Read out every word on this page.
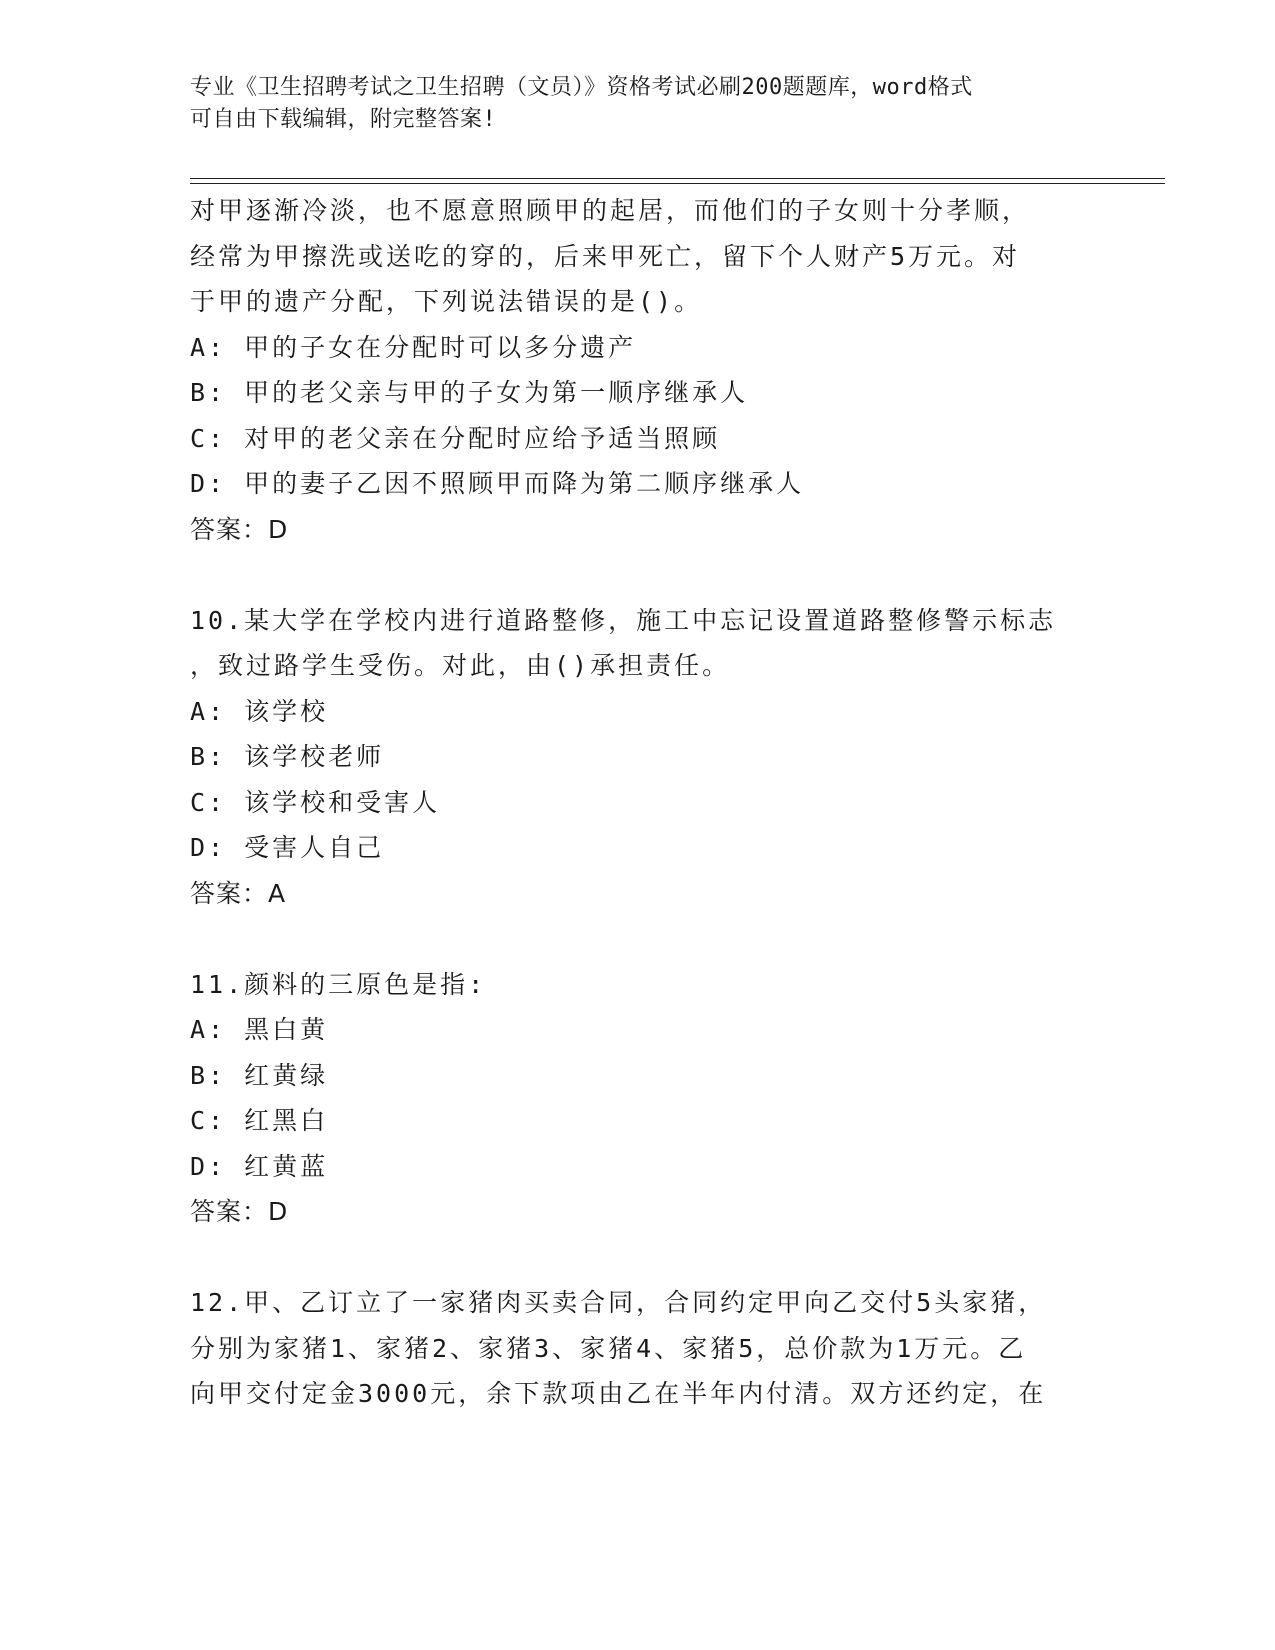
专业《卫生招聘考试之卫生招聘（文员）》资格考试必刷200题题库，word格式
可自由下载编辑，附完整答案!
对甲逐渐冷淡，也不愿意照顾甲的起居，而他们的子女则十分孝顺，
经常为甲擦洗或送吃的穿的，后来甲死亡，留下个人财产5万元。对
于甲的遗产分配，下列说法错误的是()。
A: 甲的子女在分配时可以多分遗产
B: 甲的老父亲与甲的子女为第一顺序继承人
C: 对甲的老父亲在分配时应给予适当照顾
D: 甲的妻子乙因不照顾甲而降为第二顺序继承人
答案：D
10.某大学在学校内进行道路整修，施工中忘记设置道路整修警示标志
，致过路学生受伤。对此，由()承担责任。
A: 该学校
B: 该学校老师
C: 该学校和受害人
D: 受害人自己
答案：A
11.颜料的三原色是指:
A: 黑白黄
B: 红黄绿
C: 红黑白
D: 红黄蓝
答案：D
12.甲、乙订立了一家猪肉买卖合同，合同约定甲向乙交付5头家猪，
分别为家猪1、家猪2、家猪3、家猪4、家猪5，总价款为1万元。乙
向甲交付定金3000元，余下款项由乙在半年内付清。双方还约定，在
